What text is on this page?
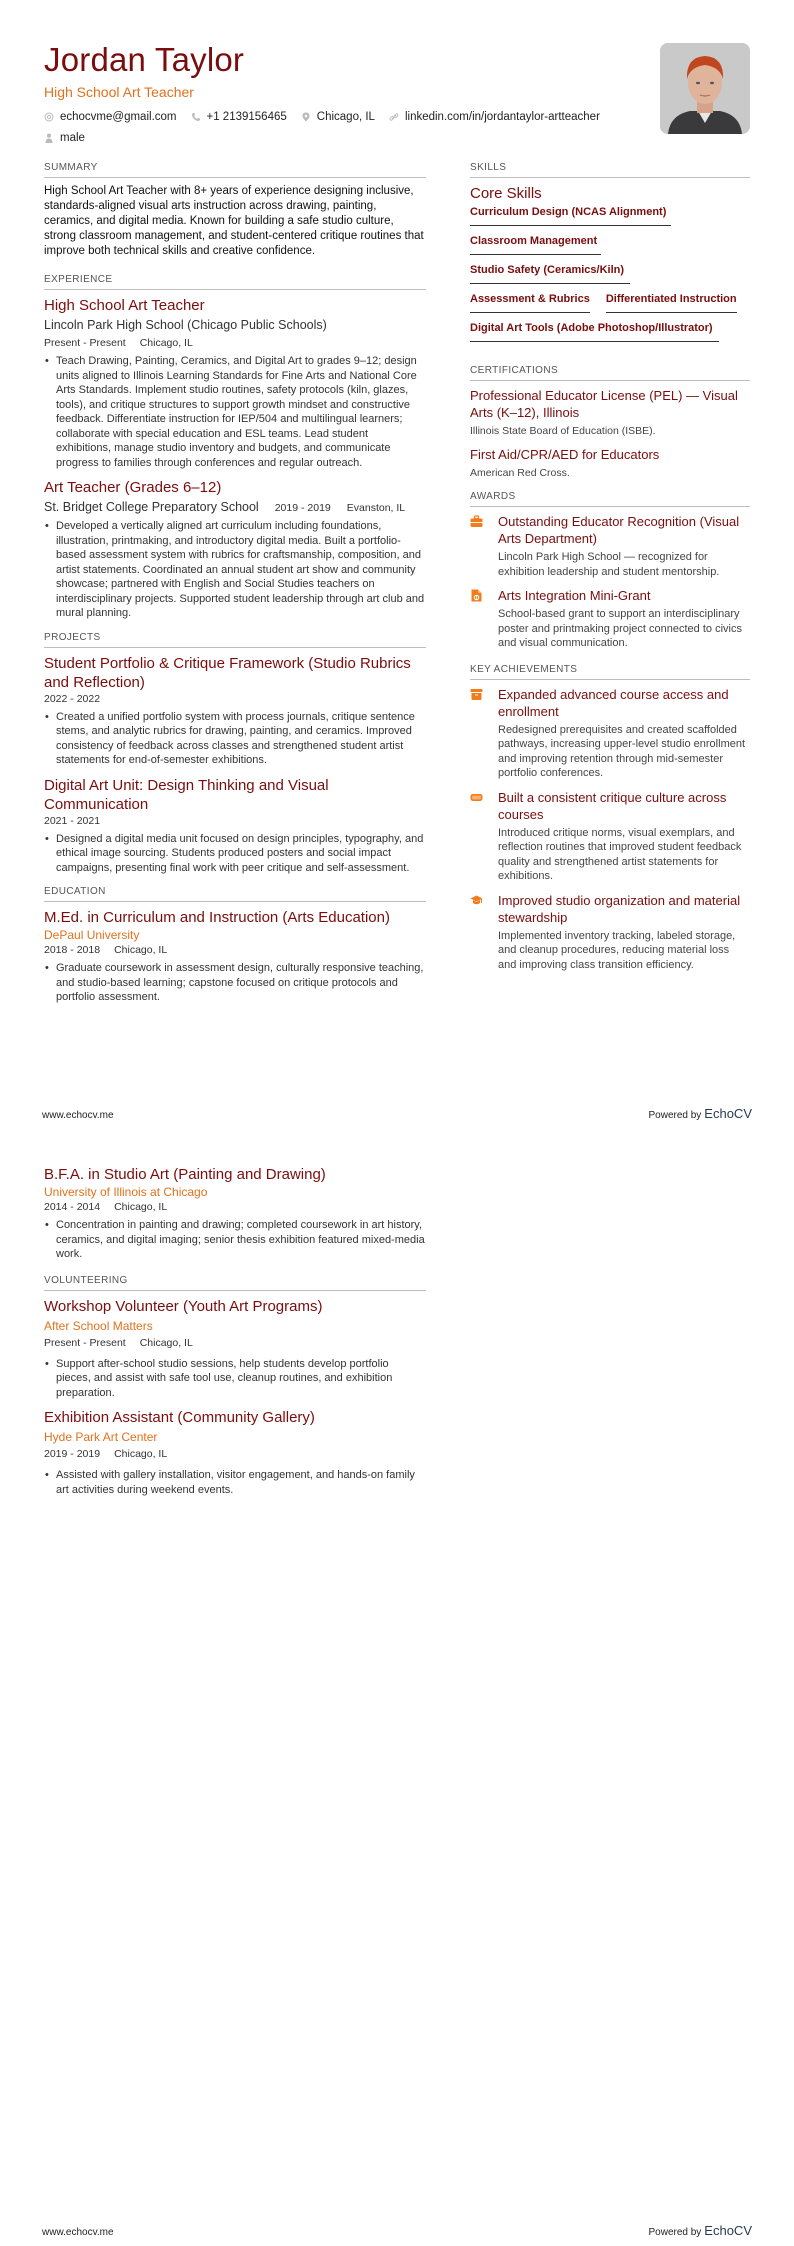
Jordan Taylor
High School Art Teacher
echocvme@gmail.com	+1 2139156465	Chicago, IL	linkedin.com/in/jordantaylor-artteacher
male
SUMMARY

High School Art Teacher with 8+ years of experience designing inclusive, standards-aligned visual arts instruction across drawing, painting, ceramics, and digital media. Known for building a safe studio culture, strong classroom management, and student-centered critique routines that improve both technical skills and creative confidence.

EXPERIENCE
High School Art Teacher
Lincoln Park High School (Chicago Public Schools)
Present - Present Chicago, IL
• Teach Drawing, Painting, Ceramics, and Digital Art to grades 9–12; design units aligned to Illinois Learning Standards for Fine Arts and National Core Arts Standards. Implement studio routines, safety protocols (kiln, glazes, tools), and critique structures to support growth mindset and constructive feedback. Differentiate instruction for IEP/504 and multilingual learners; collaborate with special education and ESL teams. Lead student exhibitions, manage studio inventory and budgets, and communicate progress to families through conferences and regular outreach.
Art Teacher (Grades 6–12)
St. Bridget College Preparatory School 2019 - 2019 Evanston, IL
• Developed a vertically aligned art curriculum including foundations, illustration, printmaking, and introductory digital media. Built a portfolio-based assessment system with rubrics for craftsmanship, composition, and artist statements. Coordinated an annual student art show and community showcase; partnered with English and Social Studies teachers on interdisciplinary projects. Supported student leadership through art club and mural planning.
PROJECTS
Student Portfolio & Critique Framework (Studio Rubrics and Reflection)
2022 - 2022
• Created a unified portfolio system with process journals, critique sentence stems, and analytic rubrics for drawing, painting, and ceramics. Improved consistency of feedback across classes and strengthened student artist statements for end-of-semester exhibitions.
Digital Art Unit: Design Thinking and Visual Communication
2021 - 2021
• Designed a digital media unit focused on design principles, typography, and ethical image sourcing. Students produced posters and social impact campaigns, presenting final work with peer critique and self-assessment.
EDUCATION
M.Ed. in Curriculum and Instruction (Arts Education)
DePaul University
2018 - 2018 Chicago, IL
• Graduate coursework in assessment design, culturally responsive teaching, and studio-based learning; capstone focused on critique protocols and portfolio assessment.
SKILLS
Core Skills
Curriculum Design (NCAS Alignment)
Classroom Management
Studio Safety (Ceramics/Kiln)
Assessment & Rubrics Differentiated Instruction
Digital Art Tools (Adobe Photoshop/Illustrator)
CERTIFICATIONS
Professional Educator License (PEL) — Visual Arts (K–12), Illinois
Illinois State Board of Education (ISBE).
First Aid/CPR/AED for Educators
American Red Cross.
AWARDS
Outstanding Educator Recognition (Visual Arts Department)
Lincoln Park High School — recognized for exhibition leadership and student mentorship.
Arts Integration Mini-Grant
School-based grant to support an interdisciplinary poster and printmaking project connected to civics and visual communication.
KEY ACHIEVEMENTS
Expanded advanced course access and enrollment
Redesigned prerequisites and created scaffolded pathways, increasing upper-level studio enrollment and improving retention through mid-semester portfolio conferences.
Built a consistent critique culture across courses
Introduced critique norms, visual exemplars, and reflection routines that improved student feedback quality and strengthened artist statements for exhibitions.
Improved studio organization and material stewardship
Implemented inventory tracking, labeled storage, and cleanup procedures, reducing material loss and improving class transition efficiency.
www.echocv.me	Powered by EchoCV
B.F.A. in Studio Art (Painting and Drawing)
University of Illinois at Chicago
2014 - 2014 Chicago, IL
• Concentration in painting and drawing; completed coursework in art history, ceramics, and digital imaging; senior thesis exhibition featured mixed-media work.
VOLUNTEERING
Workshop Volunteer (Youth Art Programs)
After School Matters
Present - Present Chicago, IL
• Support after-school studio sessions, help students develop portfolio pieces, and assist with safe tool use, cleanup routines, and exhibition preparation.
Exhibition Assistant (Community Gallery)
Hyde Park Art Center
2019 - 2019 Chicago, IL
• Assisted with gallery installation, visitor engagement, and hands-on family art activities during weekend events.
www.echocv.me	Powered by EchoCV
